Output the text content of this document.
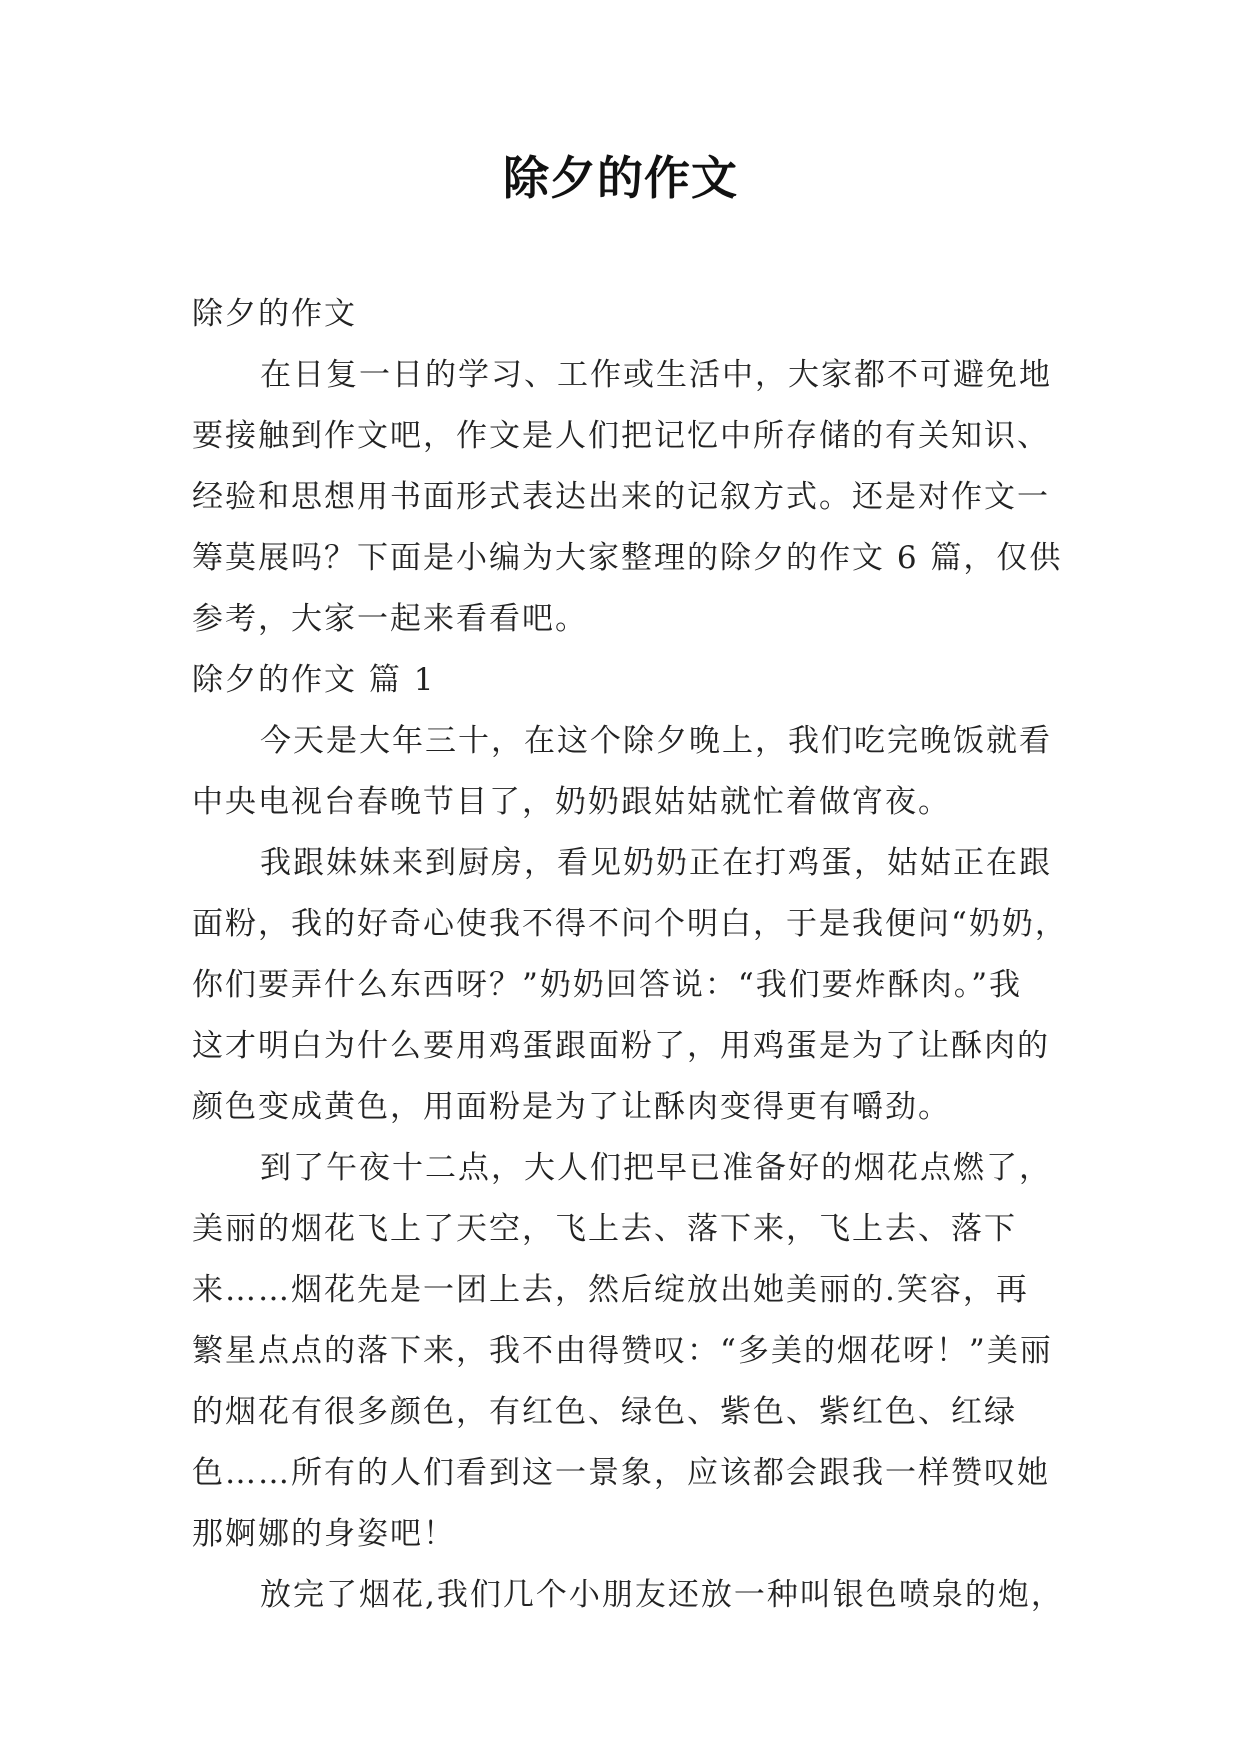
除夕的作文
除夕的作文
在日复一日的学习、工作或生活中，大家都不可避免地
要接触到作文吧，作文是人们把记忆中所存储的有关知识、
经验和思想用书面形式表达出来的记叙方式。还是对作文一
筹莫展吗？下面是小编为大家整理的除夕的作文 6 篇，仅供
参考，大家一起来看看吧。
除夕的作文 篇 1
今天是大年三十，在这个除夕晚上，我们吃完晚饭就看
中央电视台春晚节目了，奶奶跟姑姑就忙着做宵夜。
我跟妹妹来到厨房，看见奶奶正在打鸡蛋，姑姑正在跟
面粉，我的好奇心使我不得不问个明白，于是我便问“奶奶，
你们要弄什么东西呀？”奶奶回答说：“我们要炸酥肉。”我
这才明白为什么要用鸡蛋跟面粉了，用鸡蛋是为了让酥肉的
颜色变成黄色，用面粉是为了让酥肉变得更有嚼劲。
到了午夜十二点，大人们把早已准备好的烟花点燃了，
美丽的烟花飞上了天空，飞上去、落下来，飞上去、落下
来……烟花先是一团上去，然后绽放出她美丽的.笑容，再
繁星点点的落下来，我不由得赞叹：“多美的烟花呀！”美丽
的烟花有很多颜色，有红色、绿色、紫色、紫红色、红绿
色……所有的人们看到这一景象，应该都会跟我一样赞叹她
那婀娜的身姿吧！
放完了烟花,我们几个小朋友还放一种叫银色喷泉的炮，
